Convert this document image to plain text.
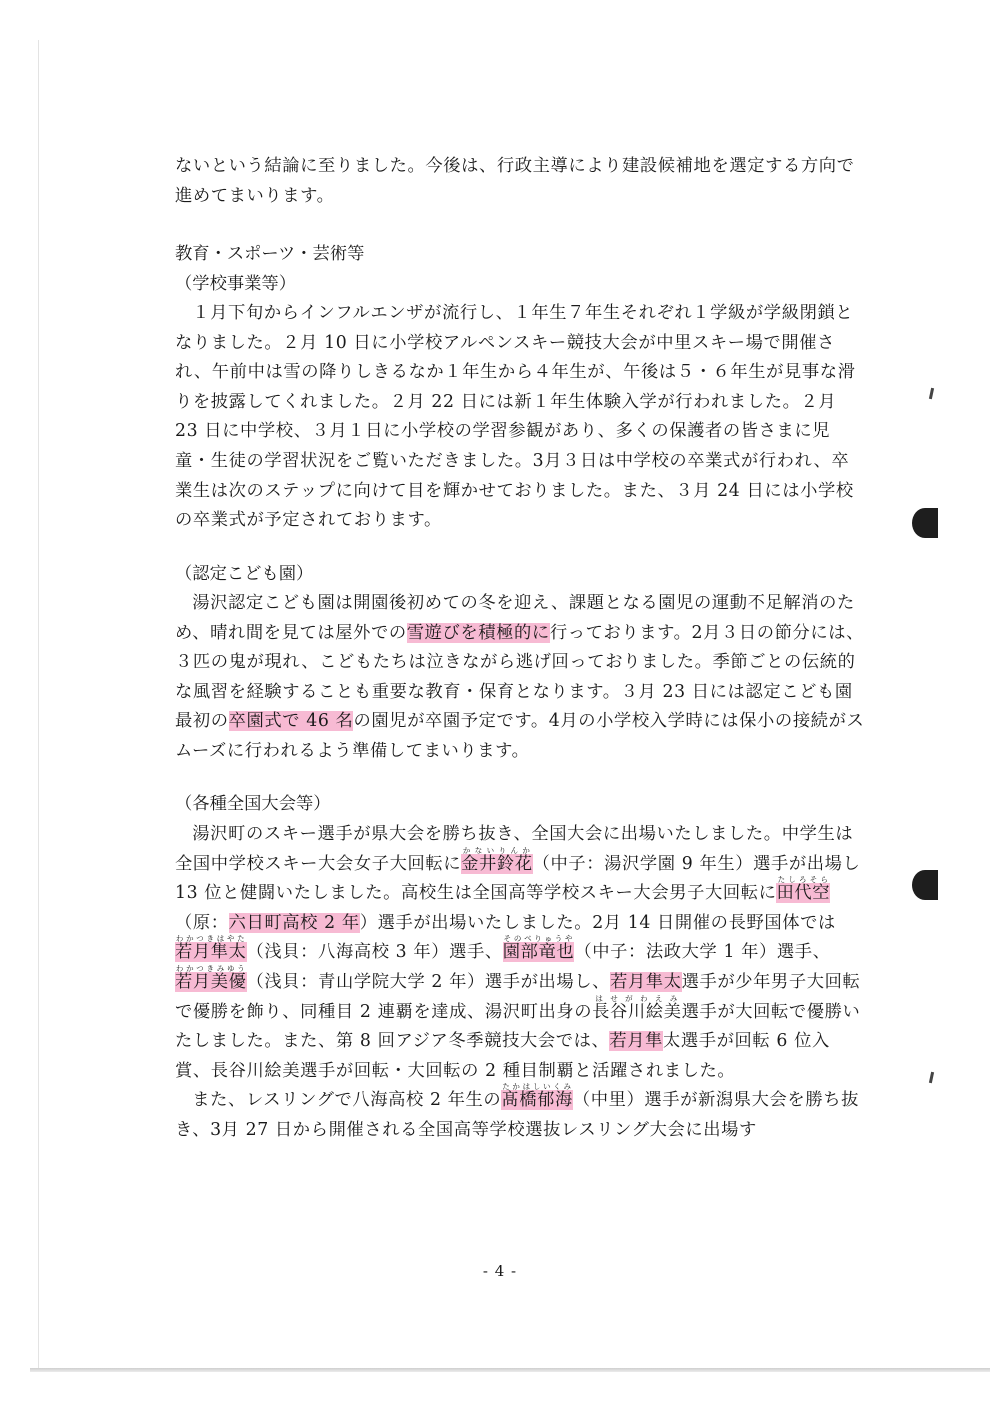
ないという結論に至りました。今後は、行政主導により建設候補地を選定する方向で進めてまいります。

教育・スポーツ・芸術等

（学校事業等）

１月下旬からインフルエンザが流行し、１年生７年生それぞれ１学級が学級閉鎖となりました。２月 10 日に小学校アルペンスキー競技大会が中里スキー場で開催され、午前中は雪の降りしきるなか１年生から４年生が、午後は５・６年生が見事な滑りを披露してくれました。２月 22 日には新１年生体験入学が行われました。２月 23 日に中学校、３月１日に小学校の学習参観があり、多くの保護者の皆さまに児童・生徒の学習状況をご覧いただきました。3月３日は中学校の卒業式が行われ、卒業生は次のステップに向けて目を輝かせておりました。また、３月 24 日には小学校の卒業式が予定されております。

（認定こども園）

湯沢認定こども園は開園後初めての冬を迎え、課題となる園児の運動不足解消のため、晴れ間を見ては屋外での雪遊びを積極的に行っております。2月３日の節分には、３匹の鬼が現れ、こどもたちは泣きながら逃げ回っておりました。季節ごとの伝統的な風習を経験することも重要な教育・保育となります。３月 23 日には認定こども園最初の卒園式で 46 名の園児が卒園予定です。4月の小学校入学時には保小の接続がスムーズに行われるよう準備してまいります。

（各種全国大会等）

湯沢町のスキー選手が県大会を勝ち抜き、全国大会に出場いたしました。中学生は全国中学校スキー大会女子大回転に金井鈴花かないりんか（中子：湯沢学園 9 年生）選手が出場し 13 位と健闘いたしました。高校生は全国高等学校スキー大会男子大回転に田代空たしろそら（原：六日町高校 2 年）選手が出場いたしました。2月 14 日開催の長野国体では若月隼太わかつきはやた（浅貝：八海高校 3 年）選手、園部竜也そのべりゅうや（中子：法政大学 1 年）選手、若月美優わかつきみゆう（浅貝：青山学院大学 2 年）選手が出場し、若月隼太選手が少年男子大回転で優勝を飾り、同種目 2 連覇を達成、湯沢町出身の長谷川絵美はせがわえみ選手が大回転で優勝いたしました。また、第 8 回アジア冬季競技大会では、若月隼太選手が回転 6 位入賞、長谷川絵美選手が回転・大回転の 2 種目制覇と活躍されました。
また、レスリングで八海高校 2 年生の髙橋郁海たかはしいくみ（中里）選手が新潟県大会を勝ち抜き、3月 27 日から開催される全国高等学校選抜レスリング大会に出場す

- 4 -
